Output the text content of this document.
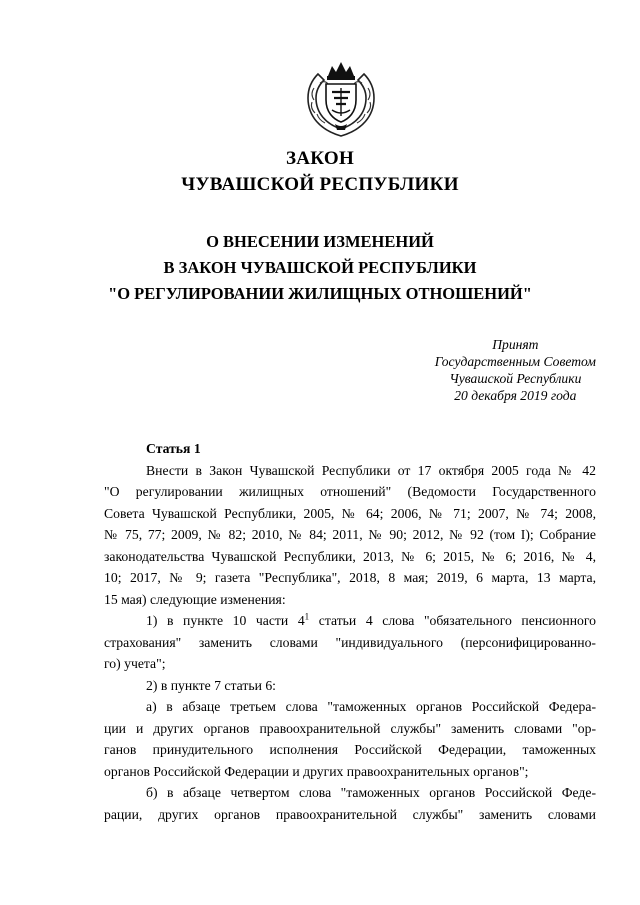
ЗАКОН
ЧУВАШСКОЙ РЕСПУБЛИКИ
О ВНЕСЕНИИ ИЗМЕНЕНИЙ
В ЗАКОН ЧУВАШСКОЙ РЕСПУБЛИКИ
"О РЕГУЛИРОВАНИИ ЖИЛИЩНЫХ ОТНОШЕНИЙ"
Принят
Государственным Советом
Чувашской Республики
20 декабря 2019 года

Статья 1

Внести в Закон Чувашской Республики от 17 октября 2005 года № 42
"О регулировании жилищных отношений" (Ведомости Государственного
Совета Чувашской Республики, 2005, № 64; 2006, № 71; 2007, № 74; 2008,
№ 75, 77; 2009, № 82; 2010, № 84; 2011, № 90; 2012, № 92 (том I); Собрание
законодательства Чувашской Республики, 2013, № 6; 2015, № 6; 2016, № 4,
10; 2017, № 9; газета "Республика", 2018, 8 мая; 2019, 6 марта, 13 марта,
15 мая) следующие изменения:
1) в пункте 10 части $4^1$ статьи 4 слова "обязательного пенсионного
страхования" заменить словами "индивидуального (персонифицированно-
го) учета";
2) в пункте 7 статьи 6:
а) в абзаце третьем слова "таможенных органов Российской Федера-
ции и других органов правоохранительной службы" заменить словами "ор-
ганов принудительного исполнения Российской Федерации, таможенных
органов Российской Федерации и других правоохранительных органов";
б) в абзаце четвертом слова "таможенных органов Российской Феде-
рации, других органов правоохранительной службы" заменить словами
